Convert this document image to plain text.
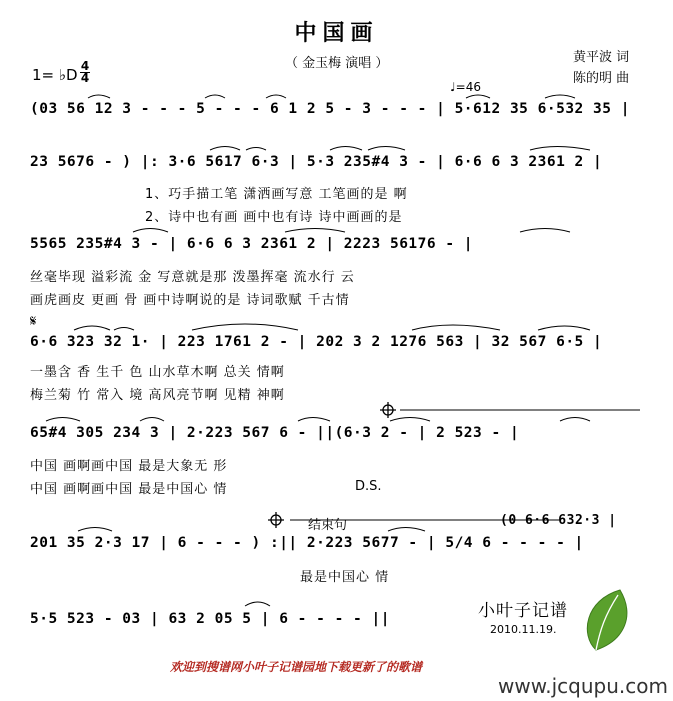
中国画
（ 金玉梅 演唱 ）	黄平波 词
陈的明 曲
1= ♭D 4
4
♩=46
(03 56 12 3 - - - 5 - - - 6 1 2 5 - 3 - - - | 5·612 35 6·532 35 |
23 5676 - ) |: 3·6 5617 6·3 | 5·3 235#4 3 - | 6·6 6 3 2361 2 |
1、巧手描工笔 潇洒画写意 工笔画的是 啊
2、诗中也有画 画中也有诗 诗中画画的是
5565 235#4 3 - | 6·6 6 3 2361 2 | 2223 56176 - |
丝毫毕现 溢彩流 金 写意就是那 泼墨挥毫 流水行 云
画虎画皮 更画 骨 画中诗啊说的是 诗词歌赋 千古情
𝄋
6·6 323 32 1· | 223 1761 2 - | 202 3 2 1276 563 | 32 567 6·5 |
一墨含 香 生千 色 山水草木啊 总关 情啊
梅兰菊 竹 常入 境 高风亮节啊 见精 神啊
65#4 305 234 3 | 2·223 567 6 - ||(6·3 2 - | 2 523 - |
中国 画啊画中国 最是大象无 形
中国 画啊画中国 最是中国心 情	D.S.
结束句	(0 6·6 632·3 |
201 35 2·3 17 | 6 - - - ) :|| 2·223 5677 - | 5/4 6 - - - - |
最是中国心 情
5·5 523 - 03 | 63 2 05 5 | 6 - - - - ||	小叶子记谱
2010.11.19.
欢迎到搜谱网小叶子记谱园地下载更新了的歌谱
www.jcqupu.com
